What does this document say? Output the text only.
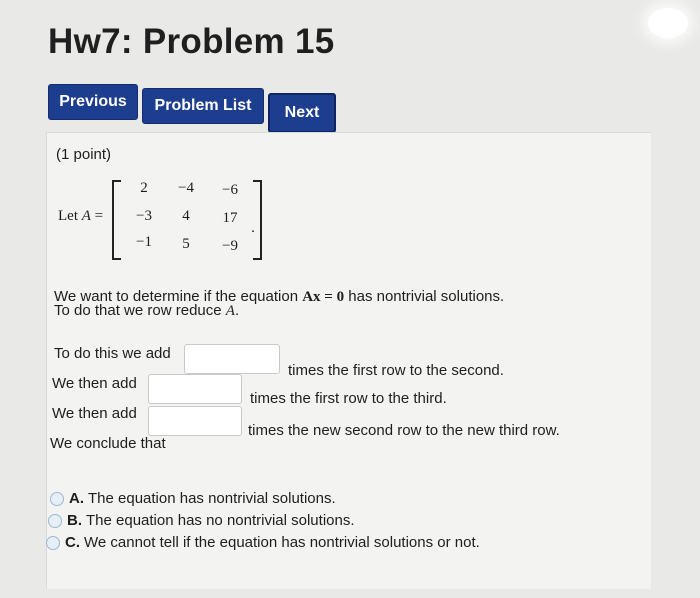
Hw7: Problem 15
Previous	Problem List	Next
(1 point)
Let A =
2	−4	−6
−3	4	17
−1	5	−9
.
We want to determine if the equation Ax = 0 has nontrivial solutions.
To do that we row reduce A.
To do this we add
times the first row to the second.
We then add
times the first row to the third.
We then add
times the new second row to the new third row.
We conclude that
A. The equation has nontrivial solutions.
B. The equation has no nontrivial solutions.
C. We cannot tell if the equation has nontrivial solutions or not.
